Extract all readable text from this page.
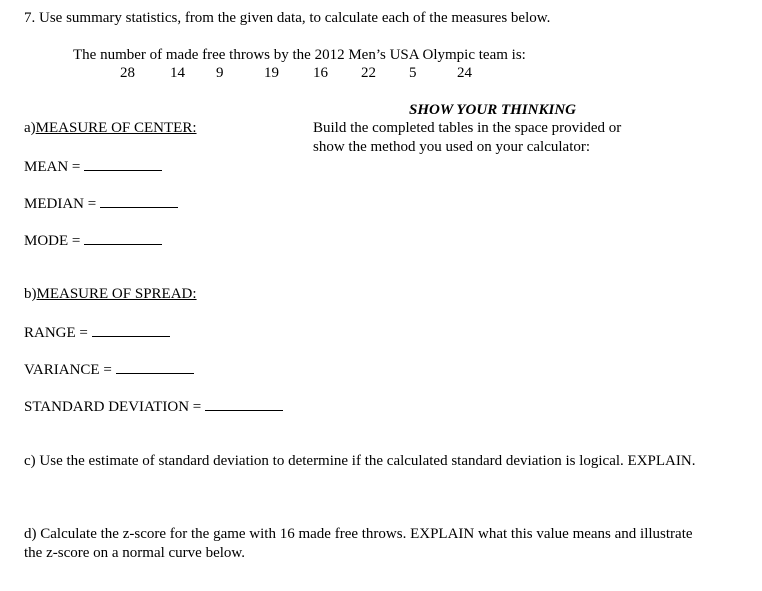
7. Use summary statistics, from the given data, to calculate each of the measures below.
The number of made free throws by the 2012 Men’s USA Olympic team is:
28 14 9	19 16 22 5	24
a)MEASURE OF CENTER:
MEAN =
MEDIAN =
MODE =
SHOW YOUR THINKING
Build the completed tables in the space provided or
show the method you used on your calculator:
b)MEASURE OF SPREAD:
RANGE =
VARIANCE =
STANDARD DEVIATION =
c) Use the estimate of standard deviation to determine if the calculated standard deviation is logical. EXPLAIN.
d) Calculate the z-score for the game with 16 made free throws. EXPLAIN what this value means and illustrate
the z-score on a normal curve below.
